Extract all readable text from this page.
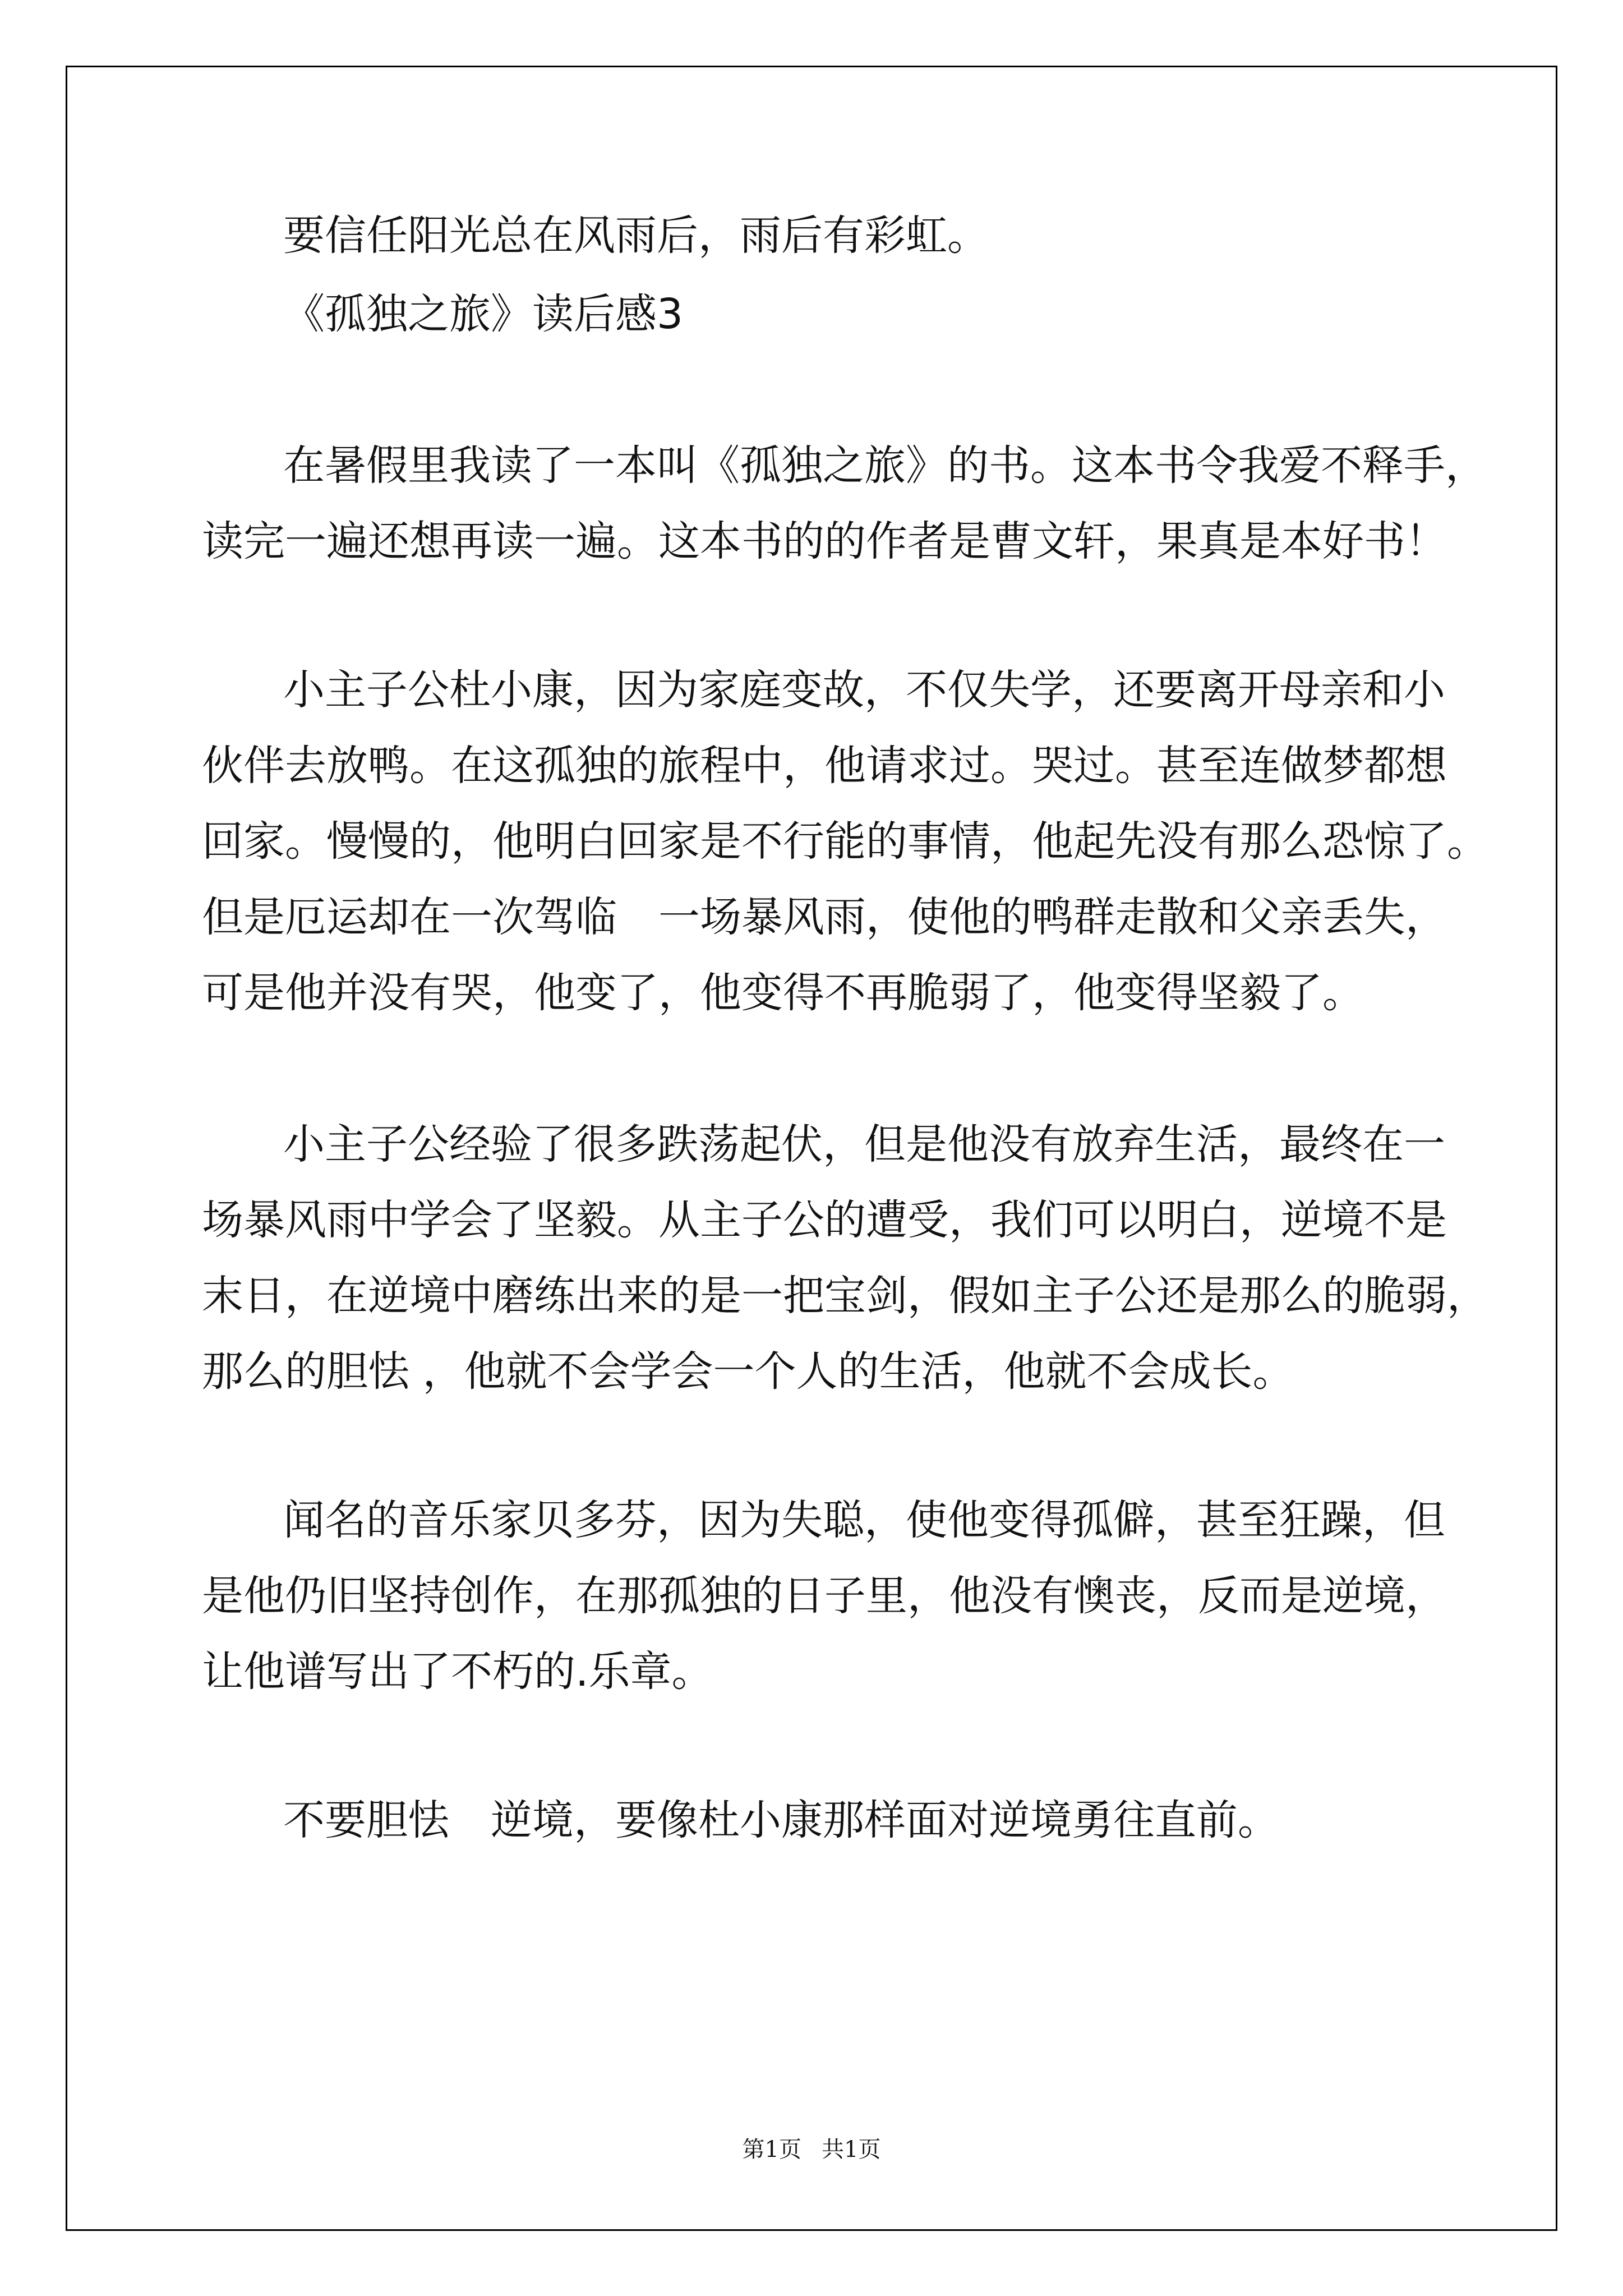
要信任阳光总在风雨后，雨后有彩虹。
《孤独之旅》读后感3
在暑假里我读了一本叫《孤独之旅》的书。这本书令我爱不释手，
读完一遍还想再读一遍。这本书的的作者是曹文轩，果真是本好书！
小主子公杜小康，因为家庭变故，不仅失学，还要离开母亲和小
伙伴去放鸭。在这孤独的旅程中，他请求过。哭过。甚至连做梦都想
回家。慢慢的，他明白回家是不行能的事情，他起先没有那么恐惊了。
但是厄运却在一次驾临　一场暴风雨，使他的鸭群走散和父亲丢失，
可是他并没有哭，他变了，他变得不再脆弱了，他变得坚毅了。
小主子公经验了很多跌荡起伏，但是他没有放弃生活，最终在一
场暴风雨中学会了坚毅。从主子公的遭受，我们可以明白，逆境不是
末日，在逆境中磨练出来的是一把宝剑，假如主子公还是那么的脆弱，
那么的胆怯 ，他就不会学会一个人的生活，他就不会成长。
闻名的音乐家贝多芬，因为失聪，使他变得孤僻，甚至狂躁，但
是他仍旧坚持创作，在那孤独的日子里，他没有懊丧，反而是逆境，
让他谱写出了不朽的.乐章。
不要胆怯　逆境，要像杜小康那样面对逆境勇往直前。
第1页 共1页
